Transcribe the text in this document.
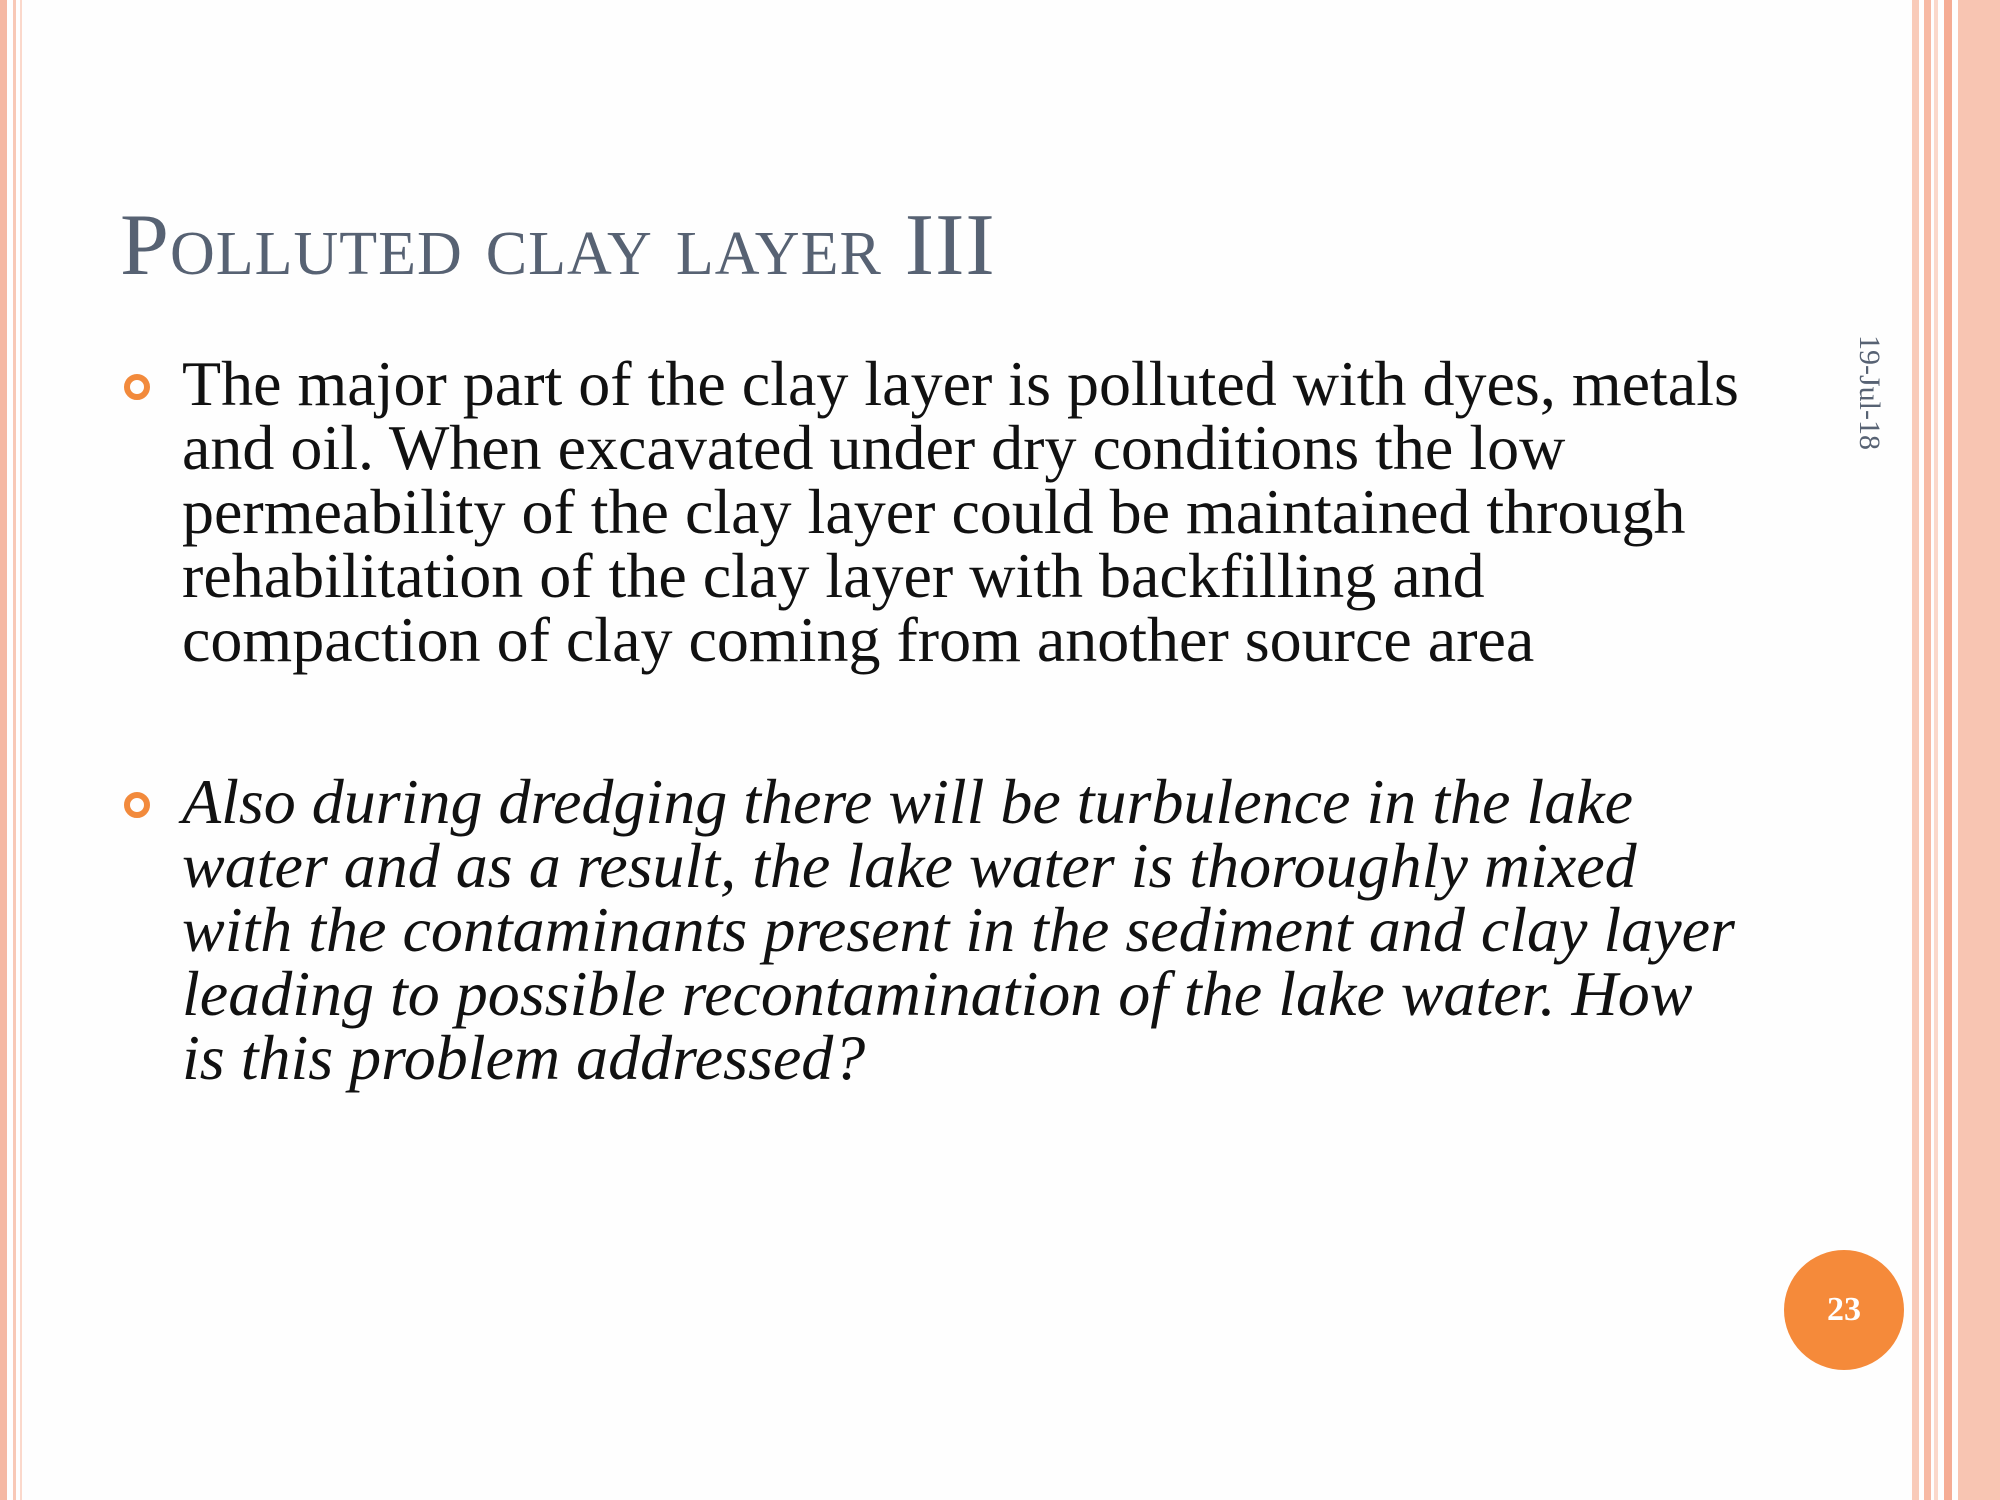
Polluted clay layer III
19-Jul-18
The major part of the clay layer is polluted with dyes, metals and oil. When excavated under dry conditions the low permeability of the clay layer could be maintained through rehabilitation of the clay layer with backfilling and compaction of clay coming from another source area
Also during dredging there will be turbulence in the lake water and as a result, the lake water is thoroughly mixed with the contaminants present in the sediment and clay layer leading to possible recontamination of the lake water. How is this problem addressed?
23
